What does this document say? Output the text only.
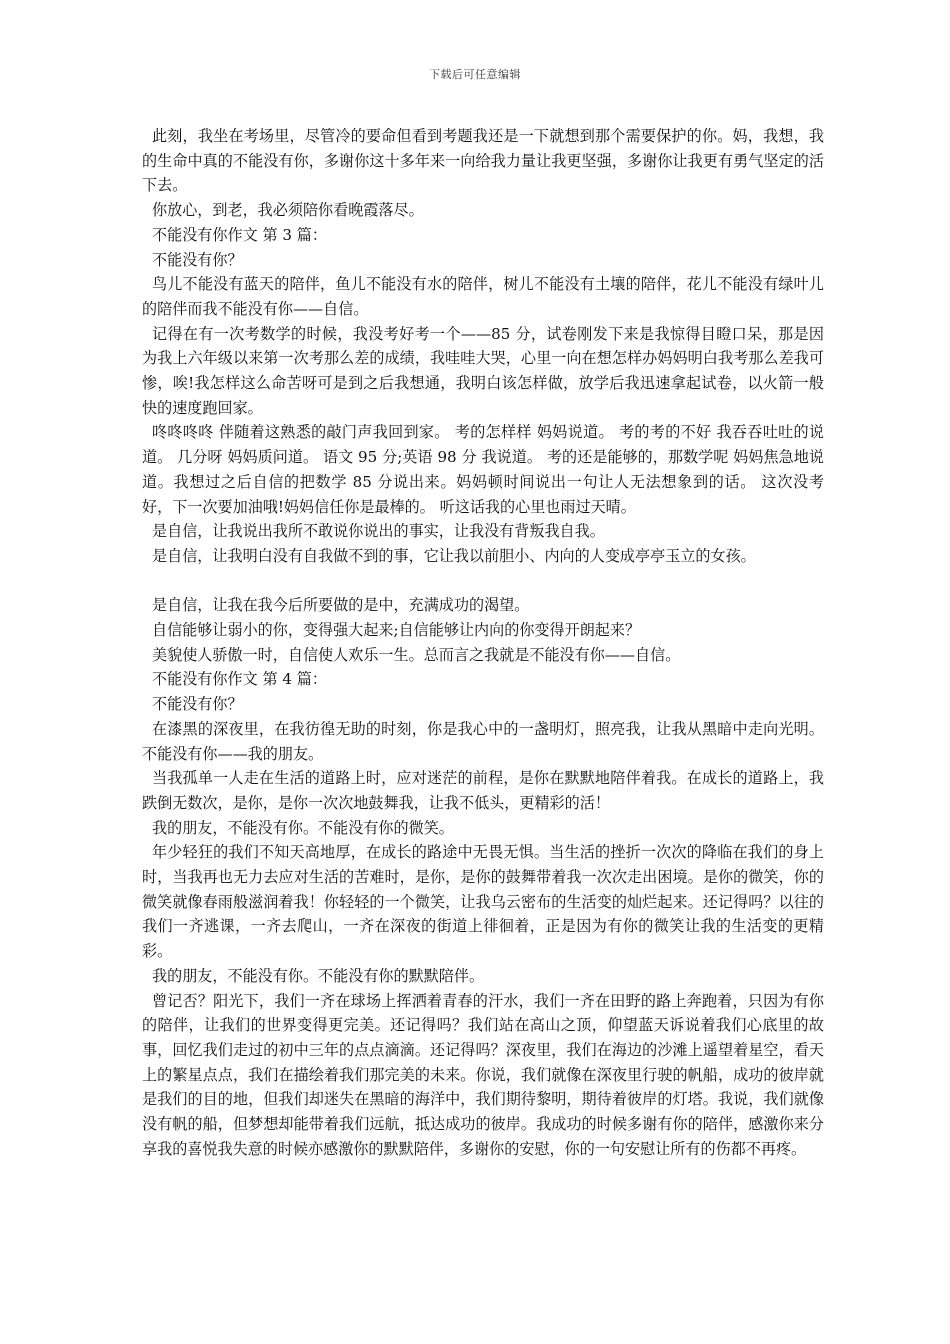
下载后可任意编辑

此刻，我坐在考场里，尽管冷的要命但看到考题我还是一下就想到那个需要保护的你。妈，我想，我的生命中真的不能没有你，多谢你这十多年来一向给我力量让我更坚强，多谢你让我更有勇气坚定的活下去。

你放心，到老，我必须陪你看晚霞落尽。

不能没有你作文 第 3 篇：

不能没有你？

鸟儿不能没有蓝天的陪伴，鱼儿不能没有水的陪伴，树儿不能没有土壤的陪伴，花儿不能没有绿叶儿的陪伴而我不能没有你——自信。

记得在有一次考数学的时候，我没考好考一个——85 分，试卷刚发下来是我惊得目瞪口呆，那是因为我上六年级以来第一次考那么差的成绩，我哇哇大哭，心里一向在想怎样办妈妈明白我考那么差我可惨，唉!我怎样这么命苦呀可是到之后我想通，我明白该怎样做，放学后我迅速拿起试卷，以火箭一般快的速度跑回家。

咚咚咚咚 伴随着这熟悉的敲门声我回到家。 考的怎样样 妈妈说道。 考的考的不好 我吞吞吐吐的说道。 几分呀 妈妈质问道。 语文 95 分;英语 98 分 我说道。 考的还是能够的，那数学呢 妈妈焦急地说道。我想过之后自信的把数学 85 分说出来。妈妈顿时间说出一句让人无法想象到的话。 这次没考好，下一次要加油哦!妈妈信任你是最棒的。 听这话我的心里也雨过天晴。

是自信，让我说出我所不敢说你说出的事实，让我没有背叛我自我。

是自信，让我明白没有自我做不到的事，它让我以前胆小、内向的人变成亭亭玉立的女孩。

是自信，让我在我今后所要做的是中，充满成功的渴望。

自信能够让弱小的你，变得强大起来;自信能够让内向的你变得开朗起来？

美貌使人骄傲一时，自信使人欢乐一生。总而言之我就是不能没有你——自信。

不能没有你作文 第 4 篇：

不能没有你？

在漆黑的深夜里，在我彷徨无助的时刻，你是我心中的一盏明灯，照亮我，让我从黑暗中走向光明。不能没有你——我的朋友。

当我孤单一人走在生活的道路上时，应对迷茫的前程，是你在默默地陪伴着我。在成长的道路上，我跌倒无数次，是你，是你一次次地鼓舞我，让我不低头，更精彩的活！

我的朋友，不能没有你。不能没有你的微笑。

年少轻狂的我们不知天高地厚，在成长的路途中无畏无惧。当生活的挫折一次次的降临在我们的身上时，当我再也无力去应对生活的苦难时，是你，是你的鼓舞带着我一次次走出困境。是你的微笑，你的微笑就像春雨般滋润着我！你轻轻的一个微笑，让我乌云密布的生活变的灿烂起来。还记得吗？以往的我们一齐逃课，一齐去爬山，一齐在深夜的街道上徘徊着，正是因为有你的微笑让我的生活变的更精彩。

我的朋友，不能没有你。不能没有你的默默陪伴。

曾记否？阳光下，我们一齐在球场上挥洒着青春的汗水，我们一齐在田野的路上奔跑着，只因为有你的陪伴，让我们的世界变得更完美。还记得吗？我们站在高山之顶，仰望蓝天诉说着我们心底里的故事，回忆我们走过的初中三年的点点滴滴。还记得吗？深夜里，我们在海边的沙滩上遥望着星空，看天上的繁星点点，我们在描绘着我们那完美的未来。你说，我们就像在深夜里行驶的帆船，成功的彼岸就是我们的目的地，但我们却迷失在黑暗的海洋中，我们期待黎明，期待着彼岸的灯塔。我说，我们就像没有帆的船，但梦想却能带着我们远航，抵达成功的彼岸。我成功的时候多谢有你的陪伴，感激你来分享我的喜悦我失意的时候亦感激你的默默陪伴，多谢你的安慰，你的一句安慰让所有的伤都不再疼。
